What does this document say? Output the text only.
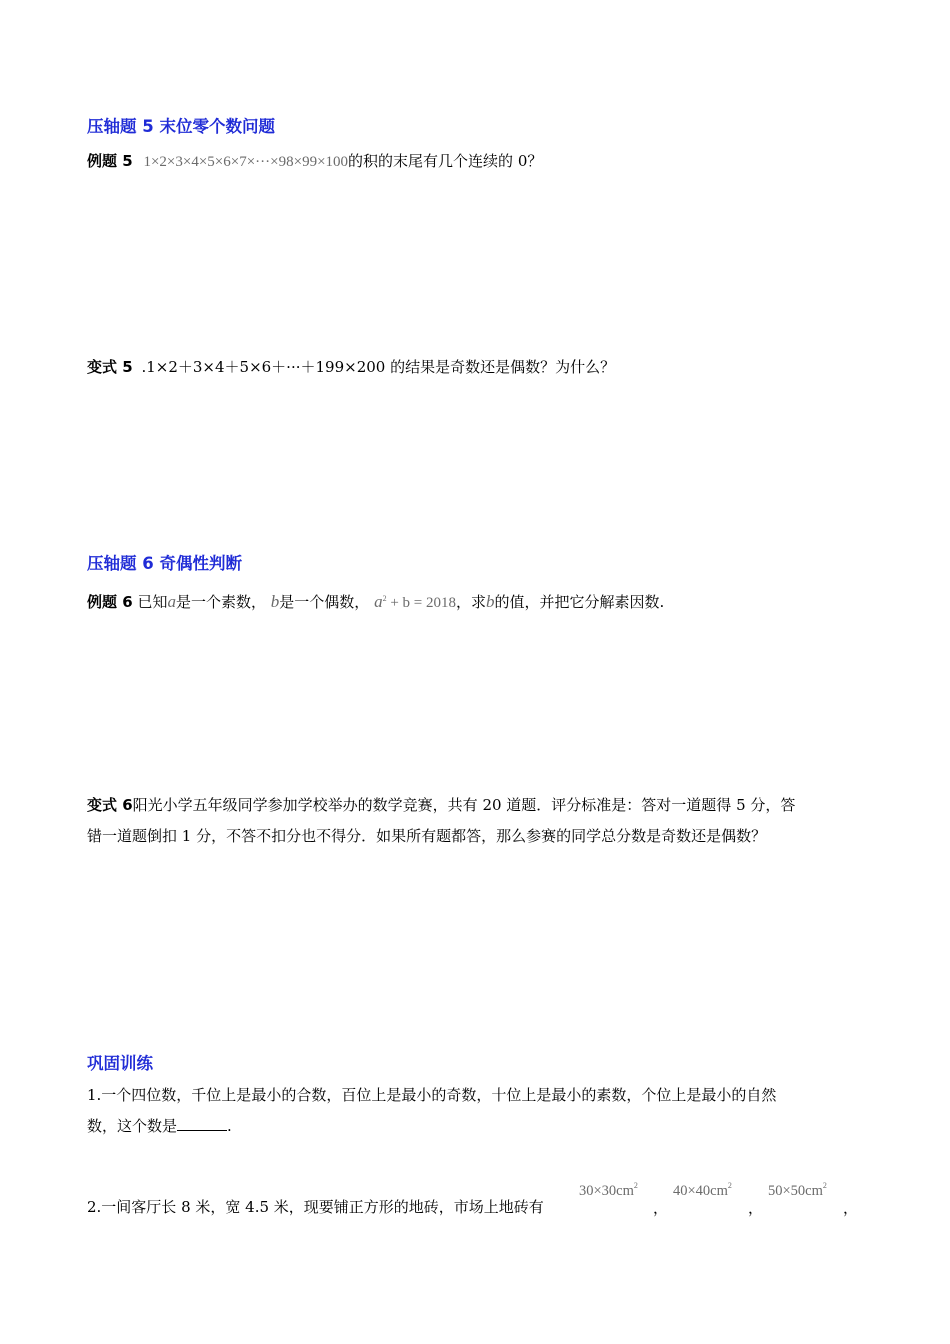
压轴题 5 末位零个数问题
例题 5 1×2×3×4×5×6×7×···×98×99×100的积的末尾有几个连续的 0？
变式 5 .1×2＋3×4＋5×6＋···＋199×200 的结果是奇数还是偶数？为什么？
压轴题 6 奇偶性判断
例题 6 已知a是一个素数， b是一个偶数， $a^2 + b = 2018$，求b的值，并把它分解素因数.
变式 6阳光小学五年级同学参加学校举办的数学竞赛，共有 20 道题．评分标准是：答对一道题得 5 分，答
错一道题倒扣 1 分，不答不扣分也不得分．如果所有题都答，那么参赛的同学总分数是奇数还是偶数？
巩固训练
1.一个四位数，千位上是最小的合数，百位上是最小的奇数，十位上是最小的素数，个位上是最小的自然
数，这个数是	.
2.一间客厅长 8 米，宽 4.5 米，现要铺正方形的地砖，市场上地砖有
$30\times 30cm^2$
，
$40\times 40cm^2$
，
$50\times 50cm^2$
，
